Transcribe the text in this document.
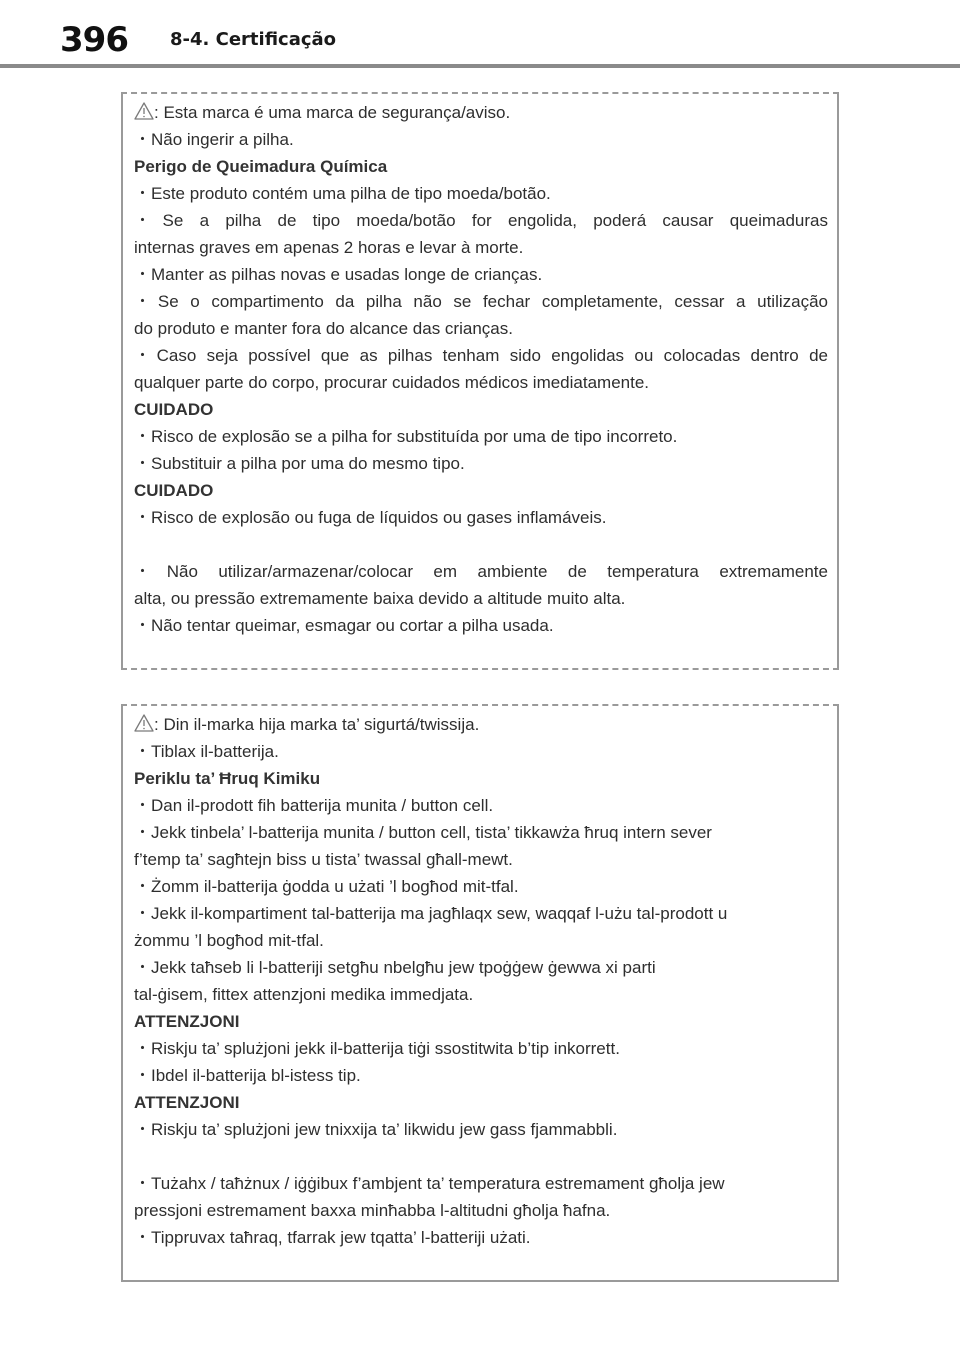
396 8-4. Certificação
: Esta marca é uma marca de segurança/aviso.
・Não ingerir a pilha.
Perigo de Queimadura Química
・Este produto contém uma pilha de tipo moeda/botão.
・Se a pilha de tipo moeda/botão for engolida, poderá causar queimaduras
internas graves em apenas 2 horas e levar à morte.
・Manter as pilhas novas e usadas longe de crianças.
・Se o compartimento da pilha não se fechar completamente, cessar a utilização
do produto e manter fora do alcance das crianças.
・Caso seja possível que as pilhas tenham sido engolidas ou colocadas dentro de
qualquer parte do corpo, procurar cuidados médicos imediatamente.
CUIDADO
・Risco de explosão se a pilha for substituída por uma de tipo incorreto.
・Substituir a pilha por uma do mesmo tipo.
CUIDADO
・Risco de explosão ou fuga de líquidos ou gases inflamáveis.
・Não utilizar/armazenar/colocar em ambiente de temperatura extremamente
alta, ou pressão extremamente baixa devido a altitude muito alta.
・Não tentar queimar, esmagar ou cortar a pilha usada.
: Din il-marka hija marka ta’ sigurtá/twissija.
・Tiblax il-batterija.
Periklu ta’ Ħruq Kimiku
・Dan il-prodott fih batterija munita / button cell.
・Jekk tinbela’ l-batterija munita / button cell, tista’ tikkawża ħruq intern sever
f’temp ta’ sagħtejn biss u tista’ twassal għall-mewt.
・Żomm il-batterija ġodda u użati ’l bogħod mit-tfal.
・Jekk il-kompartiment tal-batterija ma jagħlaqx sew, waqqaf l-użu tal-prodott u
żommu ’l bogħod mit-tfal.
・Jekk taħseb li l-batteriji setgħu nbelgħu jew tpoġġew ġewwa xi parti
tal-ġisem, fittex attenzjoni medika immedjata.
ATTENZJONI
・Riskju ta’ splużjoni jekk il-batterija tiġi ssostitwita b’tip inkorrett.
・Ibdel il-batterija bl-istess tip.
ATTENZJONI
・Riskju ta’ splużjoni jew tnixxija ta’ likwidu jew gass fjammabbli.
・Tużahx / taħżnux / iġġibux f’ambjent ta’ temperatura estremament għolja jew
pressjoni estremament baxxa minħabba l-altitudni għolja ħafna.
・Tippruvax taħraq, tfarrak jew tqatta’ l-batteriji użati.
